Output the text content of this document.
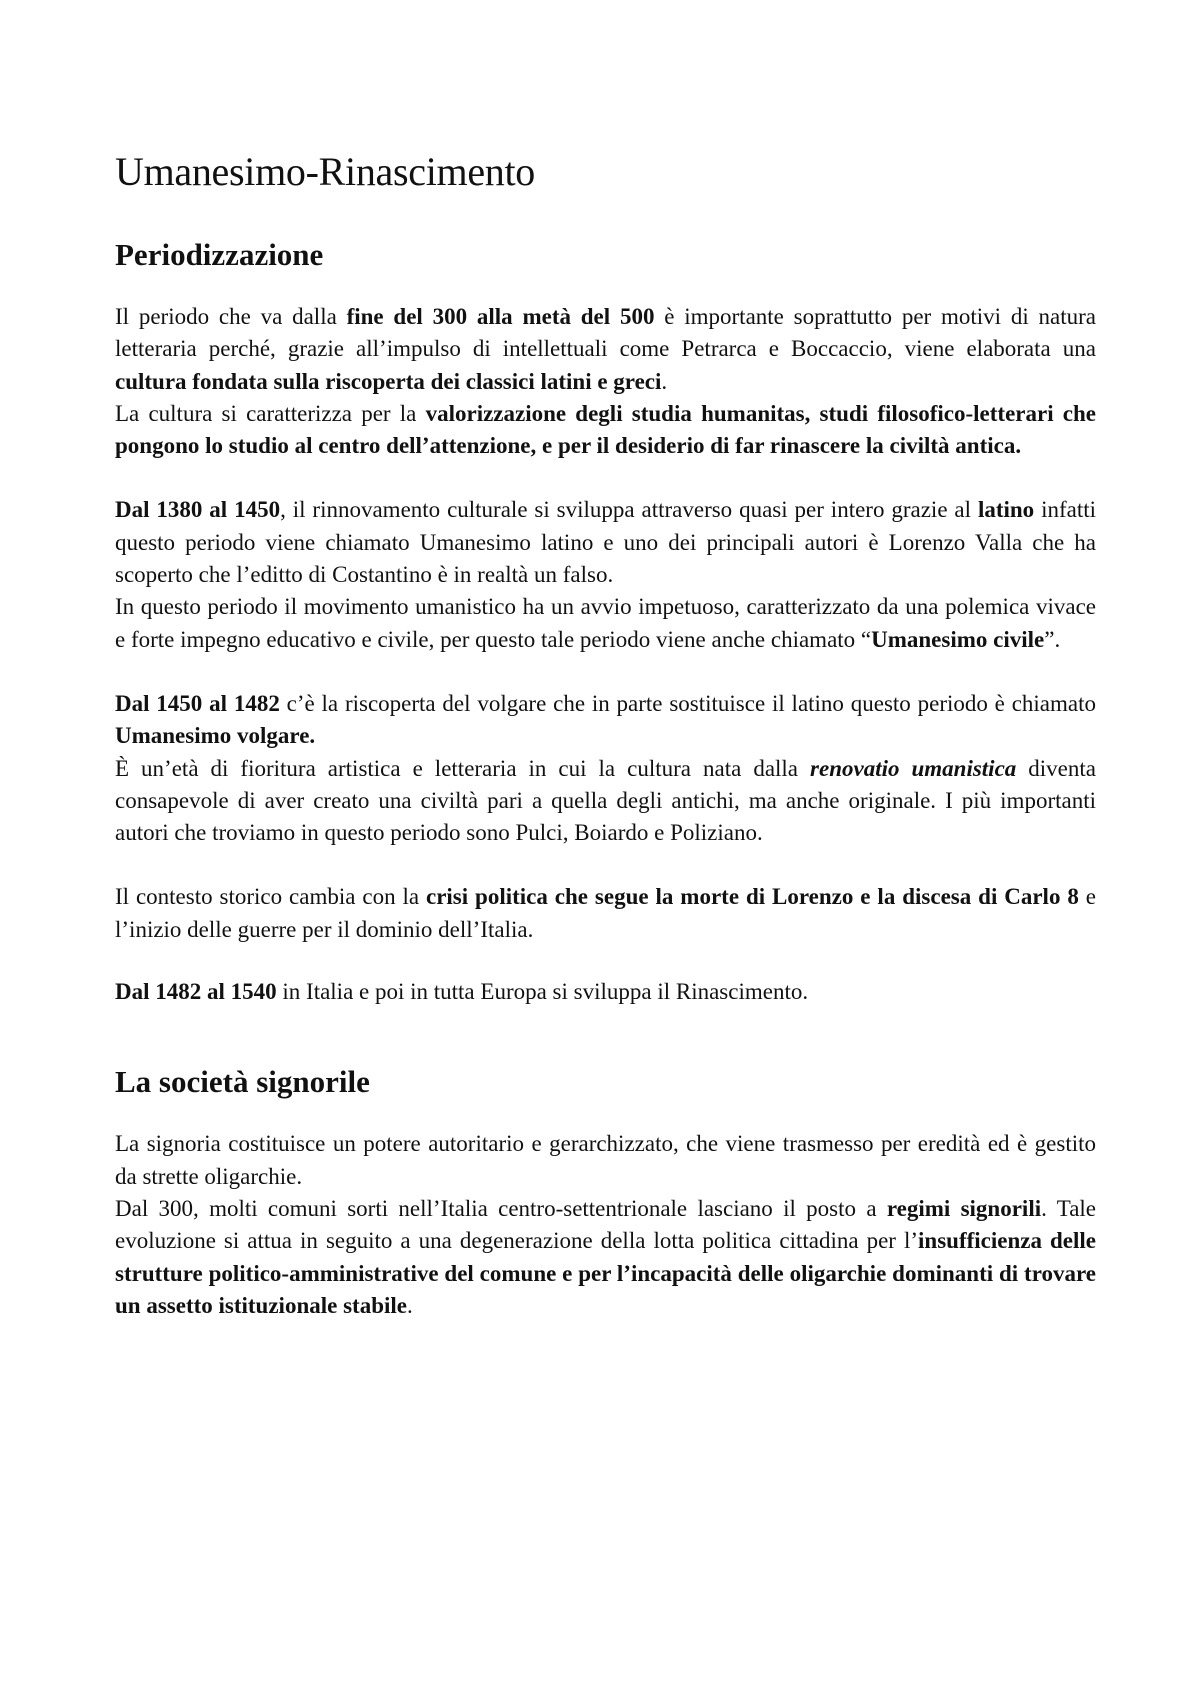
Umanesimo-Rinascimento
Periodizzazione

Il periodo che va dalla fine del 300 alla metà del 500 è importante soprattutto per motivi di natura letteraria perché, grazie all’impulso di intellettuali come Petrarca e Boccaccio, viene elaborata una cultura fondata sulla riscoperta dei classici latini e greci.

La cultura si caratterizza per la valorizzazione degli studia humanitas, studi filosofico-letterari che pongono lo studio al centro dell’attenzione, e per il desiderio di far rinascere la civiltà antica.

Dal 1380 al 1450, il rinnovamento culturale si sviluppa attraverso quasi per intero grazie al latino infatti questo periodo viene chiamato Umanesimo latino e uno dei principali autori è Lorenzo Valla che ha scoperto che l’editto di Costantino è in realtà un falso.

In questo periodo il movimento umanistico ha un avvio impetuoso, caratterizzato da una polemica vivace e forte impegno educativo e civile, per questo tale periodo viene anche chiamato “Umanesimo civile”.

Dal 1450 al 1482 c’è la riscoperta del volgare che in parte sostituisce il latino questo periodo è chiamato Umanesimo volgare.

È un’età di fioritura artistica e letteraria in cui la cultura nata dalla renovatio umanistica diventa consapevole di aver creato una civiltà pari a quella degli antichi, ma anche originale. I più importanti autori che troviamo in questo periodo sono Pulci, Boiardo e Poliziano.

Il contesto storico cambia con la crisi politica che segue la morte di Lorenzo e la discesa di Carlo 8 e l’inizio delle guerre per il dominio dell’Italia.

Dal 1482 al 1540 in Italia e poi in tutta Europa si sviluppa il Rinascimento.

La società signorile

La signoria costituisce un potere autoritario e gerarchizzato, che viene trasmesso per eredità ed è gestito da strette oligarchie.

Dal 300, molti comuni sorti nell’Italia centro-settentrionale lasciano il posto a regimi signorili. Tale evoluzione si attua in seguito a una degenerazione della lotta politica cittadina per l’insufficienza delle strutture politico-amministrative del comune e per l’incapacità delle oligarchie dominanti di trovare un assetto istituzionale stabile.
